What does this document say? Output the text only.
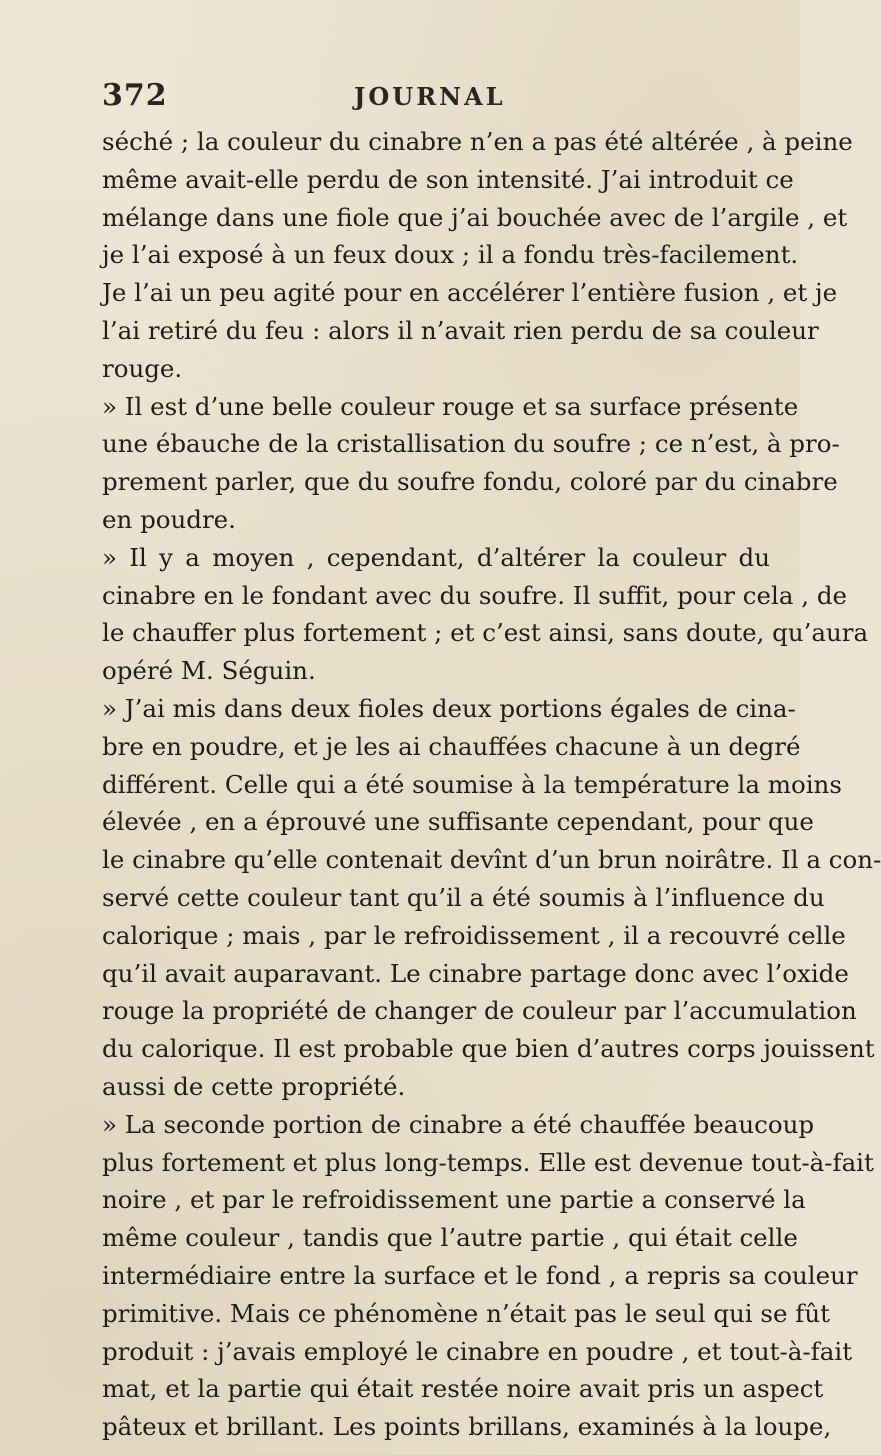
372	JOURNAL
séché ; la couleur du cinabre n’en a pas été altérée , à peine
même avait-elle perdu de son intensité. J’ai introduit ce
mélange dans une fiole que j’ai bouchée avec de l’argile , et
je l’ai exposé à un feux doux ; il a fondu très-facilement.
Je l’ai un peu agité pour en accélérer l’entière fusion , et je
l’ai retiré du feu : alors il n’avait rien perdu de sa couleur
rouge.
» Il est d’une belle couleur rouge et sa surface présente
une ébauche de la cristallisation du soufre ; ce n’est, à pro-
prement parler, que du soufre fondu, coloré par du cinabre
en poudre.
» Il y a moyen , cependant, d’altérer la couleur du
cinabre en le fondant avec du soufre. Il suffit, pour cela , de
le chauffer plus fortement ; et c’est ainsi, sans doute, qu’aura
opéré M. Séguin.
» J’ai mis dans deux fioles deux portions égales de cina-
bre en poudre, et je les ai chauffées chacune à un degré
différent. Celle qui a été soumise à la température la moins
élevée , en a éprouvé une suffisante cependant, pour que
le cinabre qu’elle contenait devînt d’un brun noirâtre. Il a con-
servé cette couleur tant qu’il a été soumis à l’influence du
calorique ; mais , par le refroidissement , il a recouvré celle
qu’il avait auparavant. Le cinabre partage donc avec l’oxide
rouge la propriété de changer de couleur par l’accumulation
du calorique. Il est probable que bien d’autres corps jouissent
aussi de cette propriété.
» La seconde portion de cinabre a été chauffée beaucoup
plus fortement et plus long-temps. Elle est devenue tout-à-fait
noire , et par le refroidissement une partie a conservé la
même couleur , tandis que l’autre partie , qui était celle
intermédiaire entre la surface et le fond , a repris sa couleur
primitive. Mais ce phénomène n’était pas le seul qui se fût
produit : j’avais employé le cinabre en poudre , et tout-à-fait
mat, et la partie qui était restée noire avait pris un aspect
pâteux et brillant. Les points brillans, examinés à la loupe,
